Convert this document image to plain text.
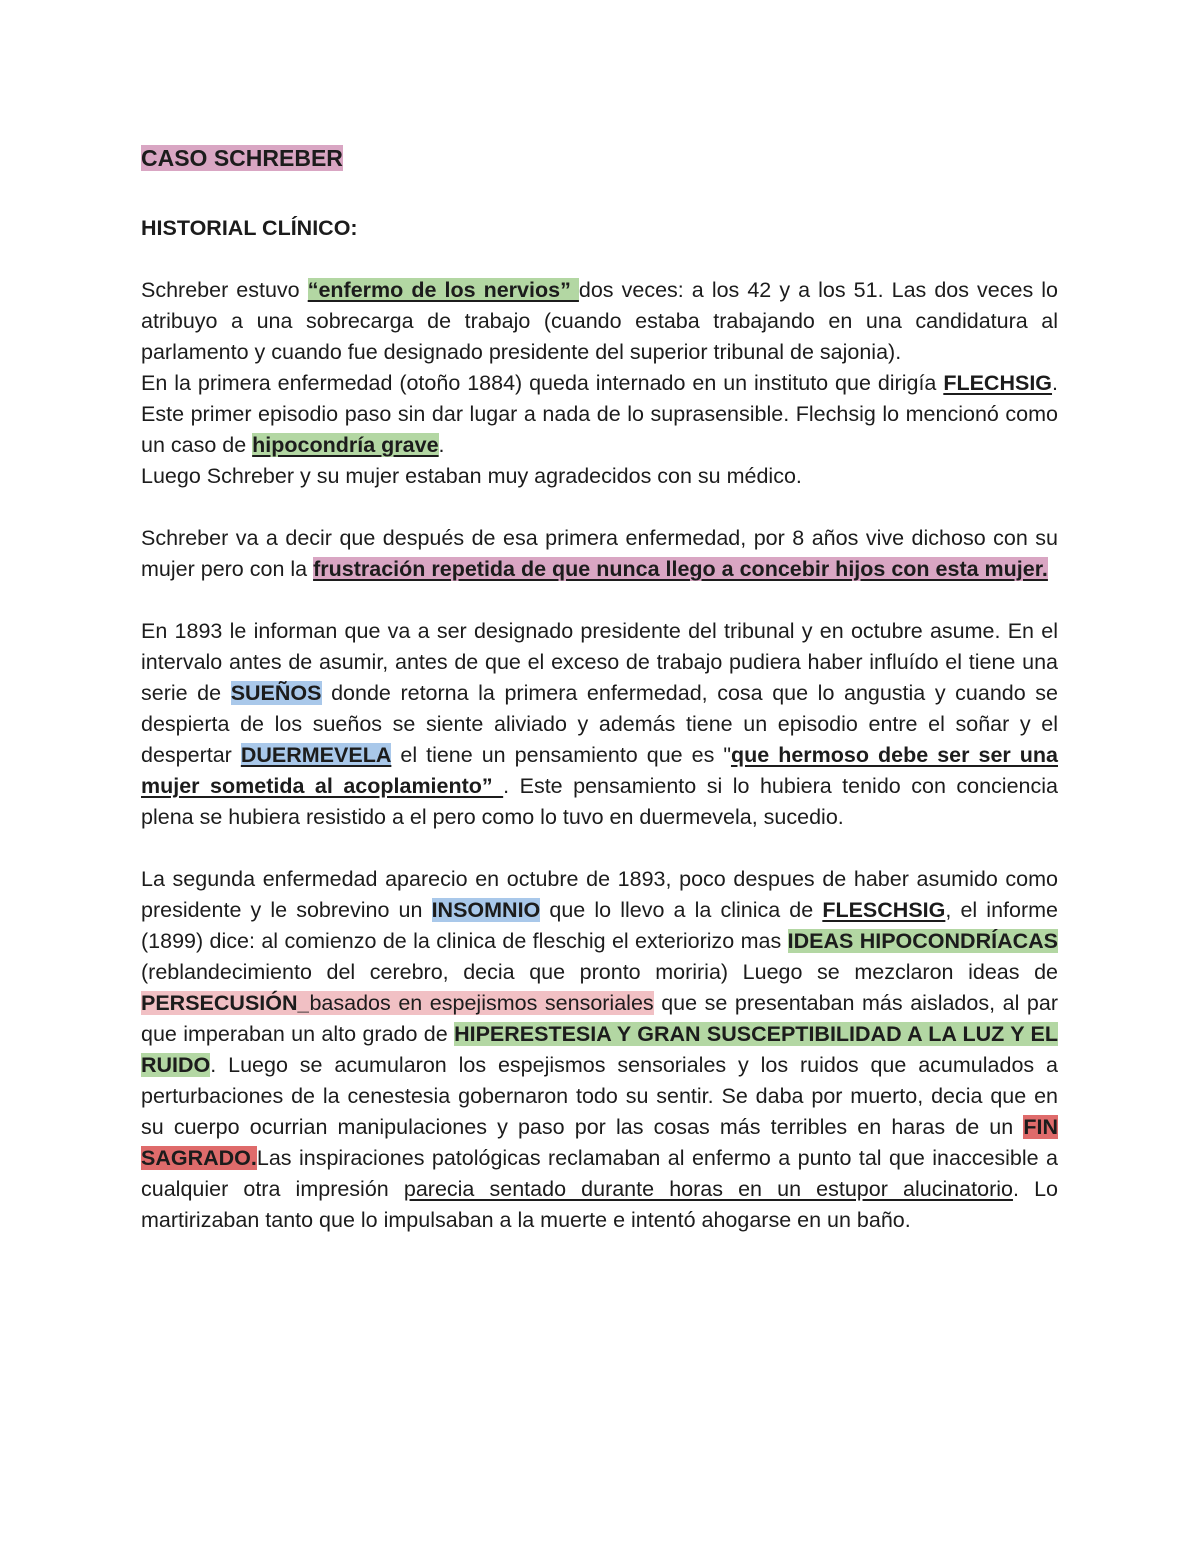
CASO SCHREBER
HISTORIAL CLÍNICO:

Schreber estuvo “enfermo de los nervios” dos veces: a los 42 y a los 51. Las dos veces lo atribuyo a una sobrecarga de trabajo (cuando estaba trabajando en una candidatura al parlamento y cuando fue designado presidente del superior tribunal de sajonia).

En la primera enfermedad (otoño 1884) queda internado en un instituto que dirigía FLECHSIG. Este primer episodio paso sin dar lugar a nada de lo suprasensible. Flechsig lo mencionó como un caso de hipocondría grave.

Luego Schreber y su mujer estaban muy agradecidos con su médico.

Schreber va a decir que después de esa primera enfermedad, por 8 años vive dichoso con su mujer pero con la frustración repetida de que nunca llego a concebir hijos con esta mujer.

En 1893 le informan que va a ser designado presidente del tribunal y en octubre asume. En el intervalo antes de asumir, antes de que el exceso de trabajo pudiera haber influído el tiene una serie de SUEÑOS donde retorna la primera enfermedad, cosa que lo angustia y cuando se despierta de los sueños se siente aliviado y además tiene un episodio entre el soñar y el despertar DUERMEVELA el tiene un pensamiento que es "que hermoso debe ser ser una mujer sometida al acoplamiento” . Este pensamiento si lo hubiera tenido con conciencia plena se hubiera resistido a el pero como lo tuvo en duermevela, sucedio.

La segunda enfermedad aparecio en octubre de 1893, poco despues de haber asumido como presidente y le sobrevino un INSOMNIO que lo llevo a la clinica de FLESCHSIG, el informe (1899) dice: al comienzo de la clinica de fleschig el exteriorizo mas IDEAS HIPOCONDRÍACAS (reblandecimiento del cerebro, decia que pronto moriria) Luego se mezclaron ideas de PERSECUSIÓN_basados en espejismos sensoriales que se presentaban más aislados, al par que imperaban un alto grado de HIPERESTESIA Y GRAN SUSCEPTIBILIDAD A LA LUZ Y EL RUIDO. Luego se acumularon los espejismos sensoriales y los ruidos que acumulados a perturbaciones de la cenestesia gobernaron todo su sentir. Se daba por muerto, decia que en su cuerpo ocurrian manipulaciones y paso por las cosas más terribles en haras de un FIN SAGRADO.Las inspiraciones patológicas reclamaban al enfermo a punto tal que inaccesible a cualquier otra impresión parecia sentado durante horas en un estupor alucinatorio. Lo martirizaban tanto que lo impulsaban a la muerte e intentó ahogarse en un baño.
